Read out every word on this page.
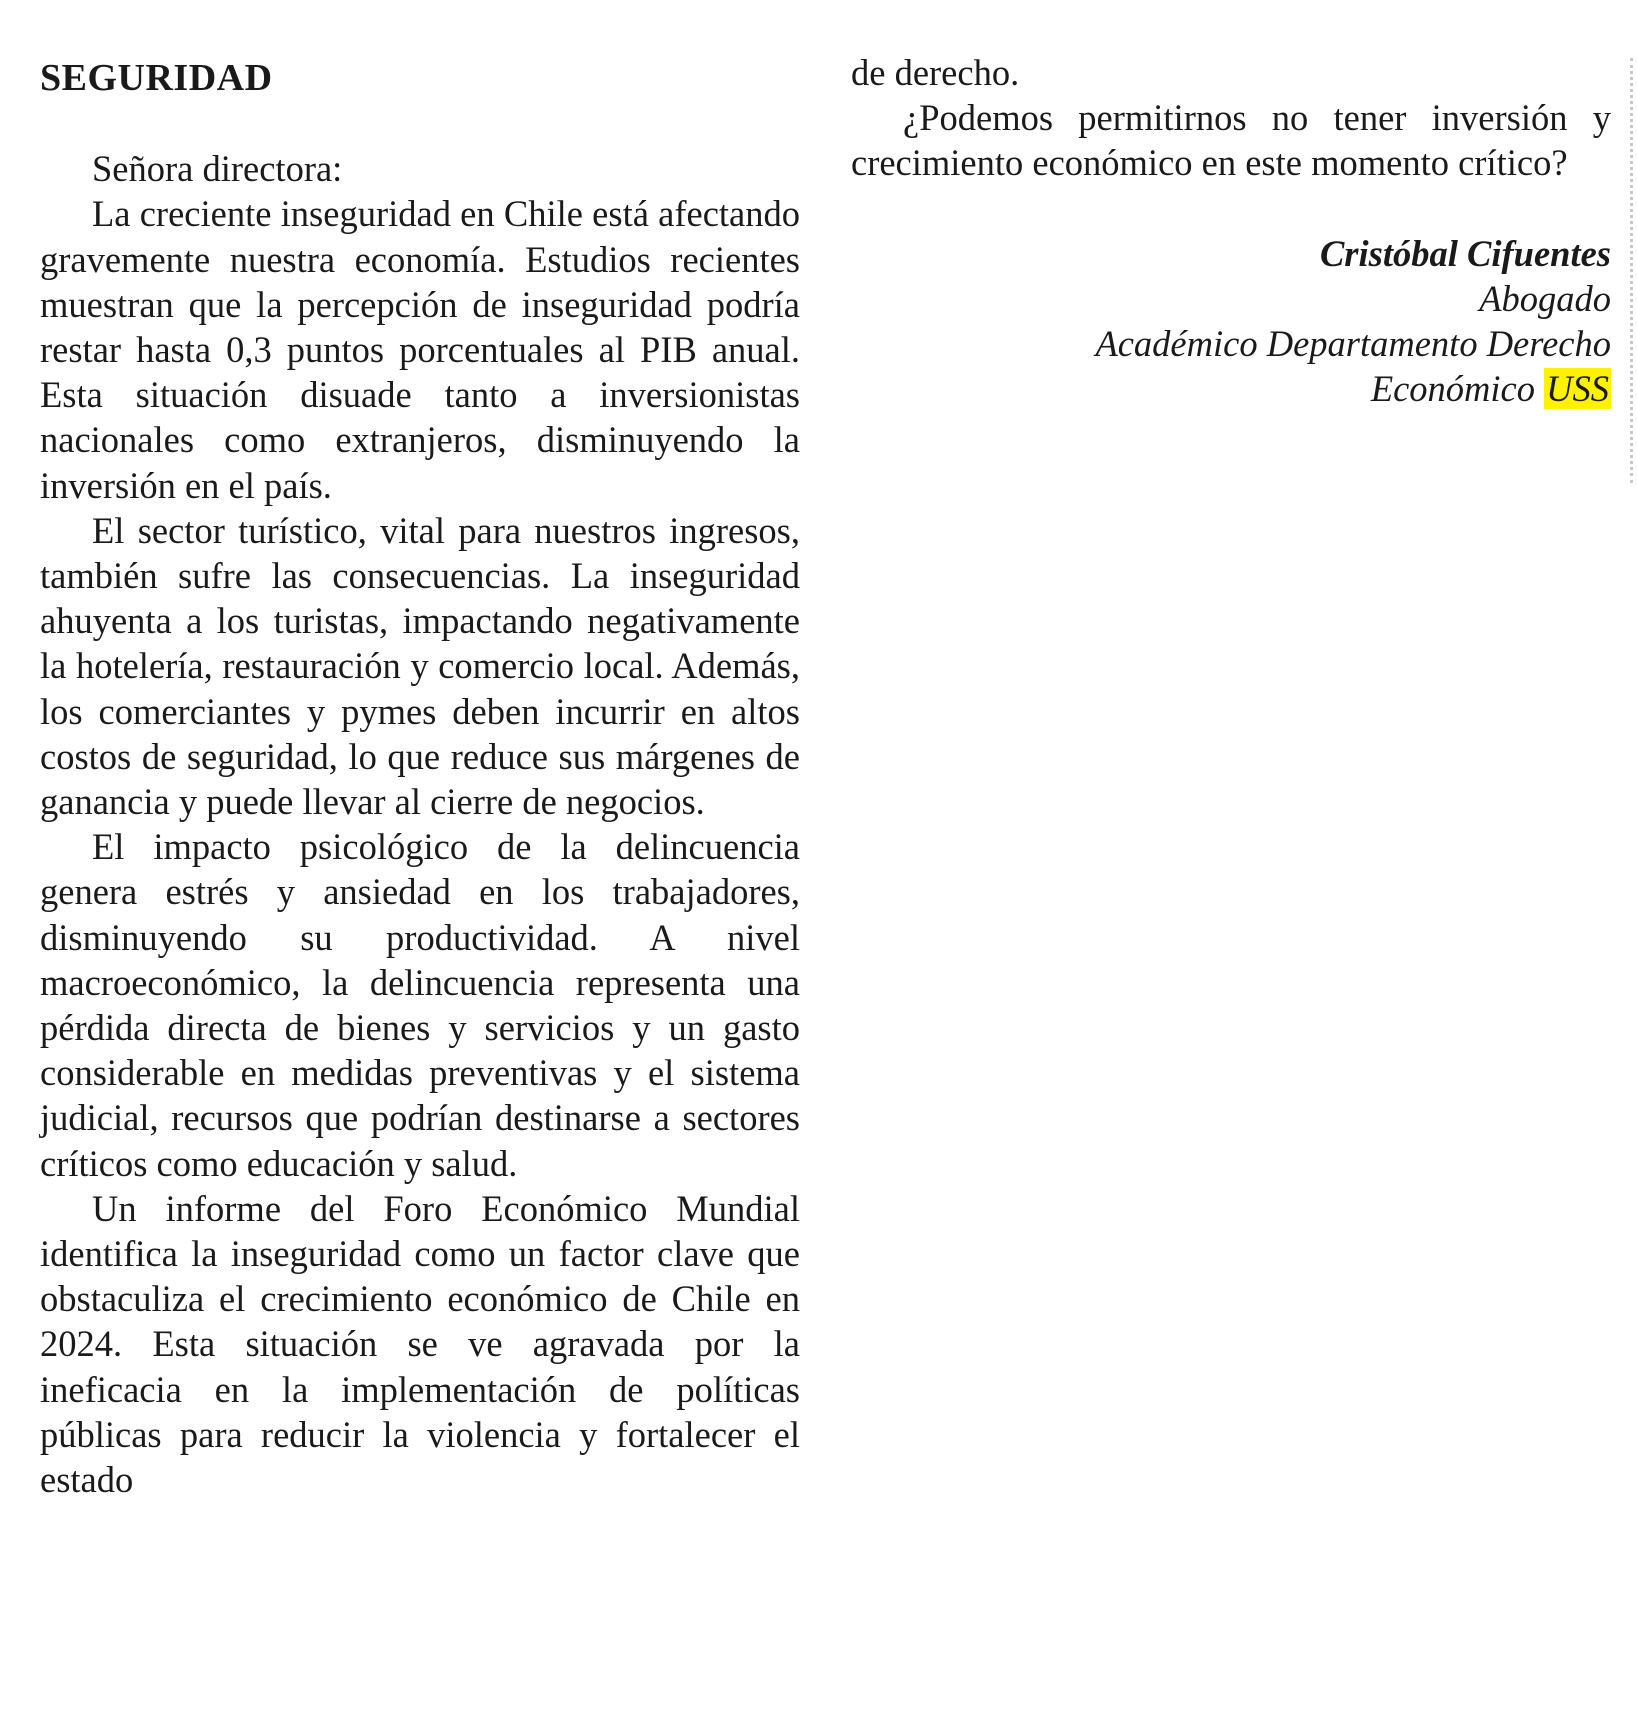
SEGURIDAD

Señora directora:

La creciente inseguridad en Chile está afectando gravemente nuestra economía. Estudios recientes muestran que la percepción de inseguridad podría restar hasta 0,3 puntos porcentuales al PIB anual. Esta situación disuade tanto a inversionistas nacionales como extranjeros, disminuyendo la inversión en el país.

El sector turístico, vital para nuestros ingresos, también sufre las consecuencias. La inseguridad ahuyenta a los turistas, impactando negativamente la hotelería, restauración y comercio local. Además, los comerciantes y pymes deben incurrir en altos costos de seguridad, lo que reduce sus márgenes de ganancia y puede llevar al cierre de negocios.

El impacto psicológico de la delincuencia genera estrés y ansiedad en los trabajadores, disminuyendo su productividad. A nivel macroeconómico, la delincuencia representa una pérdida directa de bienes y servicios y un gasto considerable en medidas preventivas y el sistema judicial, recursos que podrían destinarse a sectores críticos como educación y salud.

Un informe del Foro Económico Mundial identifica la inseguridad como un factor clave que obstaculiza el crecimiento económico de Chile en 2024. Esta situación se ve agravada por la ineficacia en la implementación de políticas públicas para reducir la violencia y fortalecer el estado

de derecho.

¿Podemos permitirnos no tener inversión y crecimiento económico en este momento crítico?

Cristóbal Cifuentes
Abogado
Académico Departamento Derecho
Económico USS
